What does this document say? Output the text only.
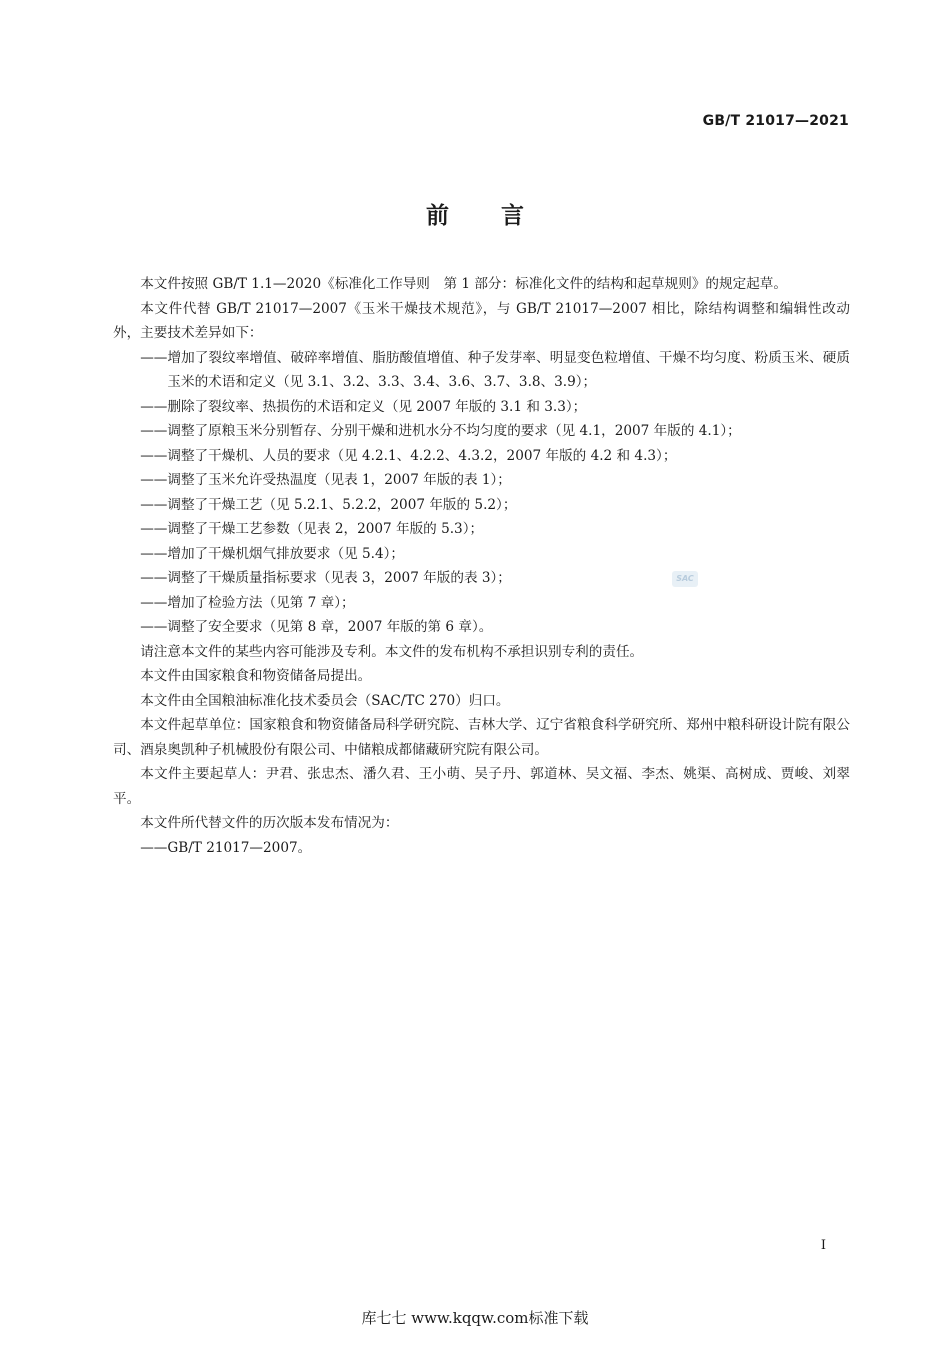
GB/T 21017—2021
前 言

本文件按照 GB/T 1.1—2020《标准化工作导则　第 1 部分：标准化文件的结构和起草规则》的规定起草。

本文件代替 GB/T 21017—2007《玉米干燥技术规范》，与 GB/T 21017—2007 相比，除结构调整和编辑性改动外，主要技术差异如下：

——增加了裂纹率增值、破碎率增值、脂肪酸值增值、种子发芽率、明显变色粒增值、干燥不均匀度、粉质玉米、硬质玉米的术语和定义（见 3.1、3.2、3.3、3.4、3.6、3.7、3.8、3.9）；

——删除了裂纹率、热损伤的术语和定义（见 2007 年版的 3.1 和 3.3）；

——调整了原粮玉米分别暂存、分别干燥和进机水分不均匀度的要求（见 4.1，2007 年版的 4.1）；

——调整了干燥机、人员的要求（见 4.2.1、4.2.2、4.3.2，2007 年版的 4.2 和 4.3）；

——调整了玉米允许受热温度（见表 1，2007 年版的表 1）；

——调整了干燥工艺（见 5.2.1、5.2.2，2007 年版的 5.2）；

——调整了干燥工艺参数（见表 2，2007 年版的 5.3）；

——增加了干燥机烟气排放要求（见 5.4）；

——调整了干燥质量指标要求（见表 3，2007 年版的表 3）；

——增加了检验方法（见第 7 章）；

——调整了安全要求（见第 8 章，2007 年版的第 6 章）。

请注意本文件的某些内容可能涉及专利。本文件的发布机构不承担识别专利的责任。

本文件由国家粮食和物资储备局提出。

本文件由全国粮油标准化技术委员会（SAC/TC 270）归口。

本文件起草单位：国家粮食和物资储备局科学研究院、吉林大学、辽宁省粮食科学研究所、郑州中粮科研设计院有限公司、酒泉奥凯种子机械股份有限公司、中储粮成都储藏研究院有限公司。

本文件主要起草人：尹君、张忠杰、潘久君、王小萌、吴子丹、郭道林、吴文福、李杰、姚渠、高树成、贾峻、刘翠平。

本文件所代替文件的历次版本发布情况为：

——GB/T 21017—2007。

SAC
I
库七七 www.kqqw.com标准下载
